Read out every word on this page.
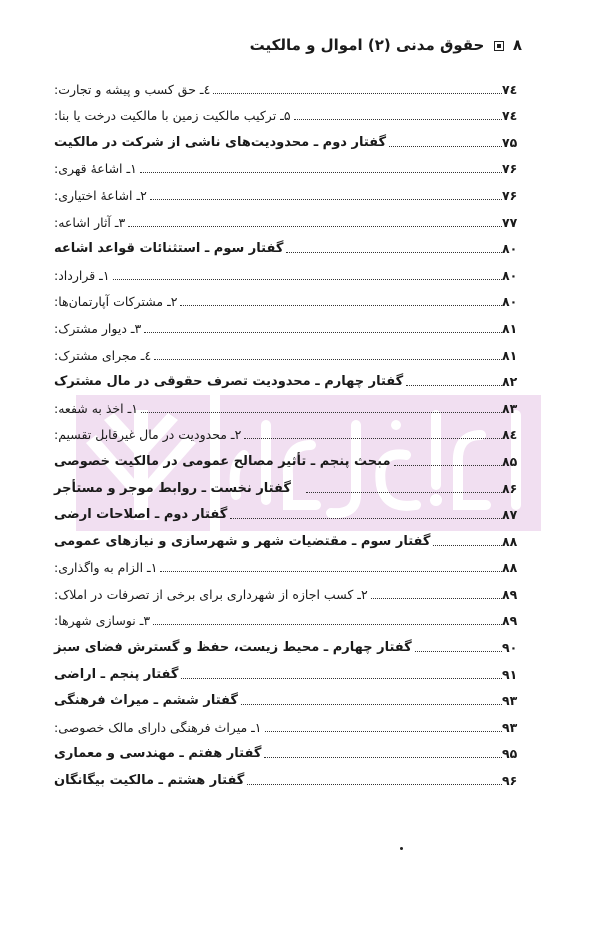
۸  حقوق مدنی (۲) اموال و مالکیت
٤ـ حق کسب و پیشه و تجارت:	۷٤
۵ـ ترکیب مالکیت زمین با مالکیت درخت یا بنا:	۷٤
گفتار دوم ـ محدودیت‌های ناشی از شرکت در مالکیت	۷۵
۱ـ اشاعهٔ قهری:	۷۶
۲ـ اشاعهٔ اختیاری:	۷۶
۳ـ آثار اشاعه:	۷۷
گفتار سوم ـ استثنائات قواعد اشاعه	۸۰
۱ـ قرارداد:	۸۰
۲ـ مشترکات آپارتمان‌ها:	۸۰
۳ـ دیوار مشترک:	۸۱
٤ـ مجرای مشترک:	۸۱
گفتار چهارم ـ محدودیت تصرف حقوقی در مال مشترک	۸۲
۱ـ اخذ به شفعه:	۸۳
۲ـ محدودیت در مال غیرقابل تقسیم:	۸٤
مبحث پنجم ـ تأثیر مصالح عمومی در مالکیت خصوصی	۸۵
گفتار نخست ـ روابط موجر و مستأجر	۸۶
گفتار دوم ـ اصلاحات ارضی	۸۷
گفتار سوم ـ مقتضیات شهر و شهرسازی و نیازهای عمومی	۸۸
۱ـ الزام به واگذاری:	۸۸
۲ـ کسب اجازه از شهرداری برای برخی از تصرفات در املاک:	۸۹
۳ـ نوسازی شهرها:	۸۹
گفتار چهارم ـ محیط زیست، حفظ و گسترش فضای سبز	۹۰
گفتار پنجم ـ اراضی	۹۱
گفتار ششم ـ میراث فرهنگی	۹۳
۱ـ میراث فرهنگی دارای مالک خصوصی:	۹۳
گفتار هفتم ـ مهندسی و معماری	۹۵
گفتار هشتم ـ مالکیت بیگانگان	۹۶
